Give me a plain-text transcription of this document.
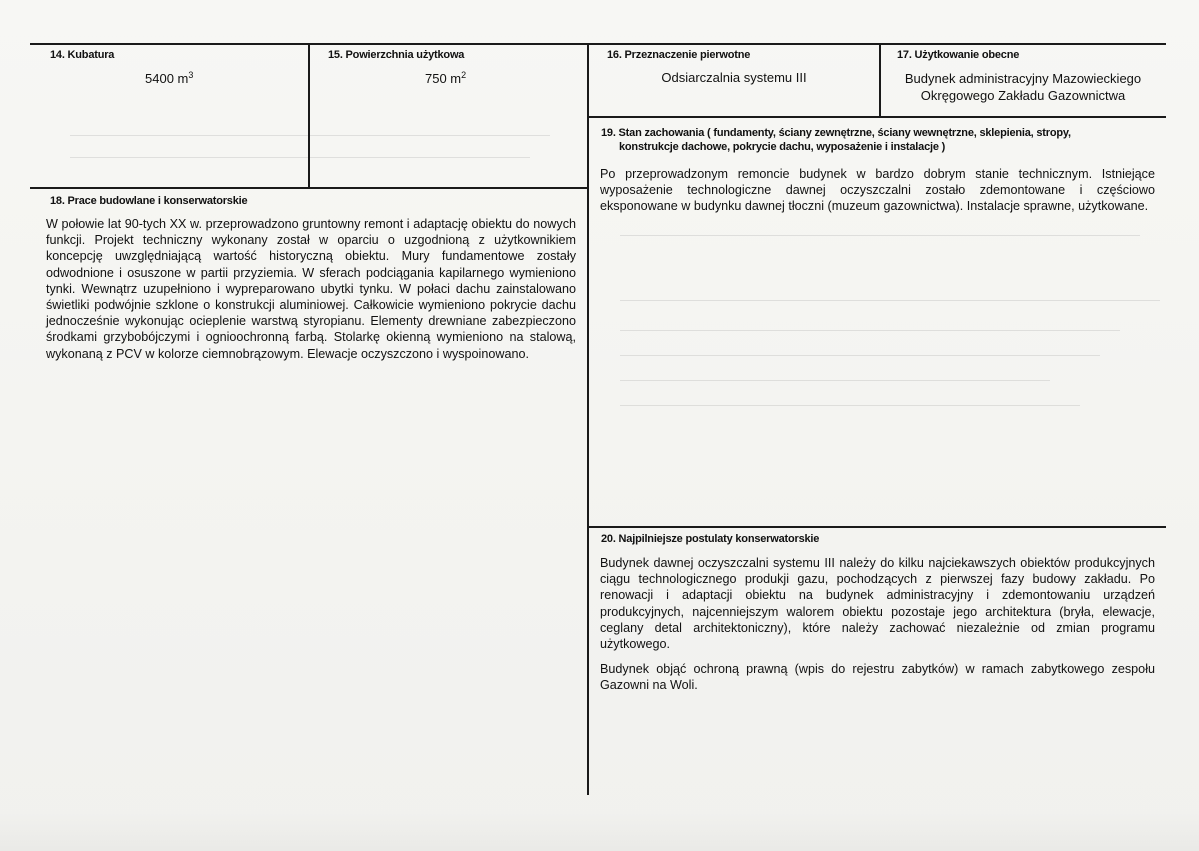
14. Kubatura
5400 $m^3$
15. Powierzchnia użytkowa
750 $m^2$
16. Przeznaczenie pierwotne
Odsiarczalnia systemu III
17. Użytkowanie obecne
Budynek administracyjny Mazowieckiego
Okręgowego Zakładu Gazownictwa
18. Prace budowlane i konserwatorskie

W połowie lat 90-tych XX w. przeprowadzono gruntowny remont i adaptację obiektu do nowych funkcji. Projekt techniczny wykonany został w oparciu o uzgodnioną z użytkownikiem koncepcję uwzględniającą wartość historyczną obiektu. Mury fundamentowe zostały odwodnione i osuszone w partii przyziemia. W sferach podciągania kapilarnego wymieniono tynki. Wewnątrz uzupełniono i wypreparowano ubytki tynku. W połaci dachu zainstalowano świetliki podwójnie szklone o konstrukcji aluminiowej. Całkowicie wymieniono pokrycie dachu jednocześnie wykonując ocieplenie warstwą styropianu. Elementy drewniane zabezpieczono środkami grzybobójczymi i ognioochronną farbą. Stolarkę okienną wymieniono na stalową, wykonaną z PCV w kolorze ciemnobrązowym. Elewacje oczyszczono i wyspoinowano.

19. Stan zachowania ( fundamenty, ściany zewnętrzne, ściany wewnętrzne, sklepienia, stropy,
konstrukcje dachowe, pokrycie dachu, wyposażenie i instalacje )

Po przeprowadzonym remoncie budynek w bardzo dobrym stanie technicznym. Istniejące wyposażenie technologiczne dawnej oczyszczalni zostało zdemontowane i częściowo eksponowane w budynku dawnej tłoczni (muzeum gazownictwa). Instalacje sprawne, użytkowane.

20. Najpilniejsze postulaty konserwatorskie

Budynek dawnej oczyszczalni systemu III należy do kilku najciekawszych obiektów produkcyjnych ciągu technologicznego produkji gazu, pochodzących z pierwszej fazy budowy zakładu. Po renowacji i adaptacji obiektu na budynek administracyjny i zdemontowaniu urządzeń produkcyjnych, najcenniejszym walorem obiektu pozostaje jego architektura (bryła, elewacje, ceglany detal architektoniczny), które należy zachować niezależnie od zmian programu użytkowego.

Budynek objąć ochroną prawną (wpis do rejestru zabytków) w ramach zabytkowego zespołu Gazowni na Woli.
